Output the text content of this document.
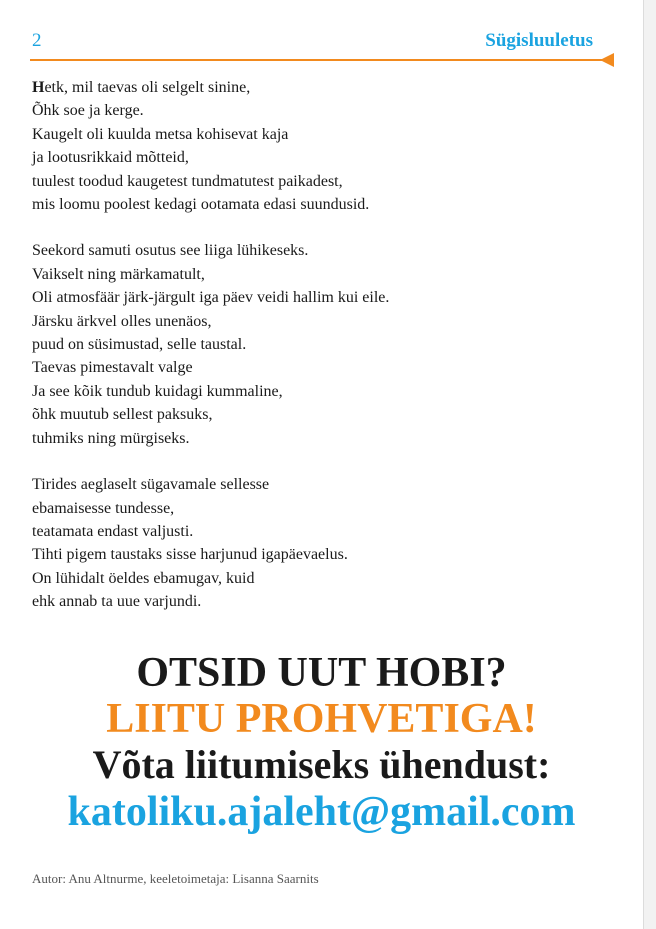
2	Sügisluuletus
Hetk, mil taevas oli selgelt sinine,
Õhk soe ja kerge.
Kaugelt oli kuulda metsa kohisevat kaja
ja lootusrikkaid mõtteid,
tuulest toodud kaugetest tundmatutest paikadest,
mis loomu poolest kedagi ootamata edasi suundusid.
Seekord samuti osutus see liiga lühikeseks.
Vaikselt ning märkamatult,
Oli atmosfäär järk-järgult iga päev veidi hallim kui eile.
Järsku ärkvel olles unenäos,
puud on süsimustad, selle taustal.
Taevas pimestavalt valge
Ja see kõik tundub kuidagi kummaline,
õhk muutub sellest paksuks,
tuhmiks ning mürgiseks.
Tirides aeglaselt sügavamale sellesse
ebamaisesse tundesse,
teatamata endast valjusti.
Tihti pigem taustaks sisse harjunud igapäevaelus.
On lühidalt öeldes ebamugav, kuid
ehk annab ta uue varjundi.
OTSID UUT HOBI?
LIITU PROHVETIGA!
Võta liitumiseks ühendust:
katoliku.ajaleht@gmail.com
Autor: Anu Altnurme, keeletoimetaja: Lisanna Saarnits
